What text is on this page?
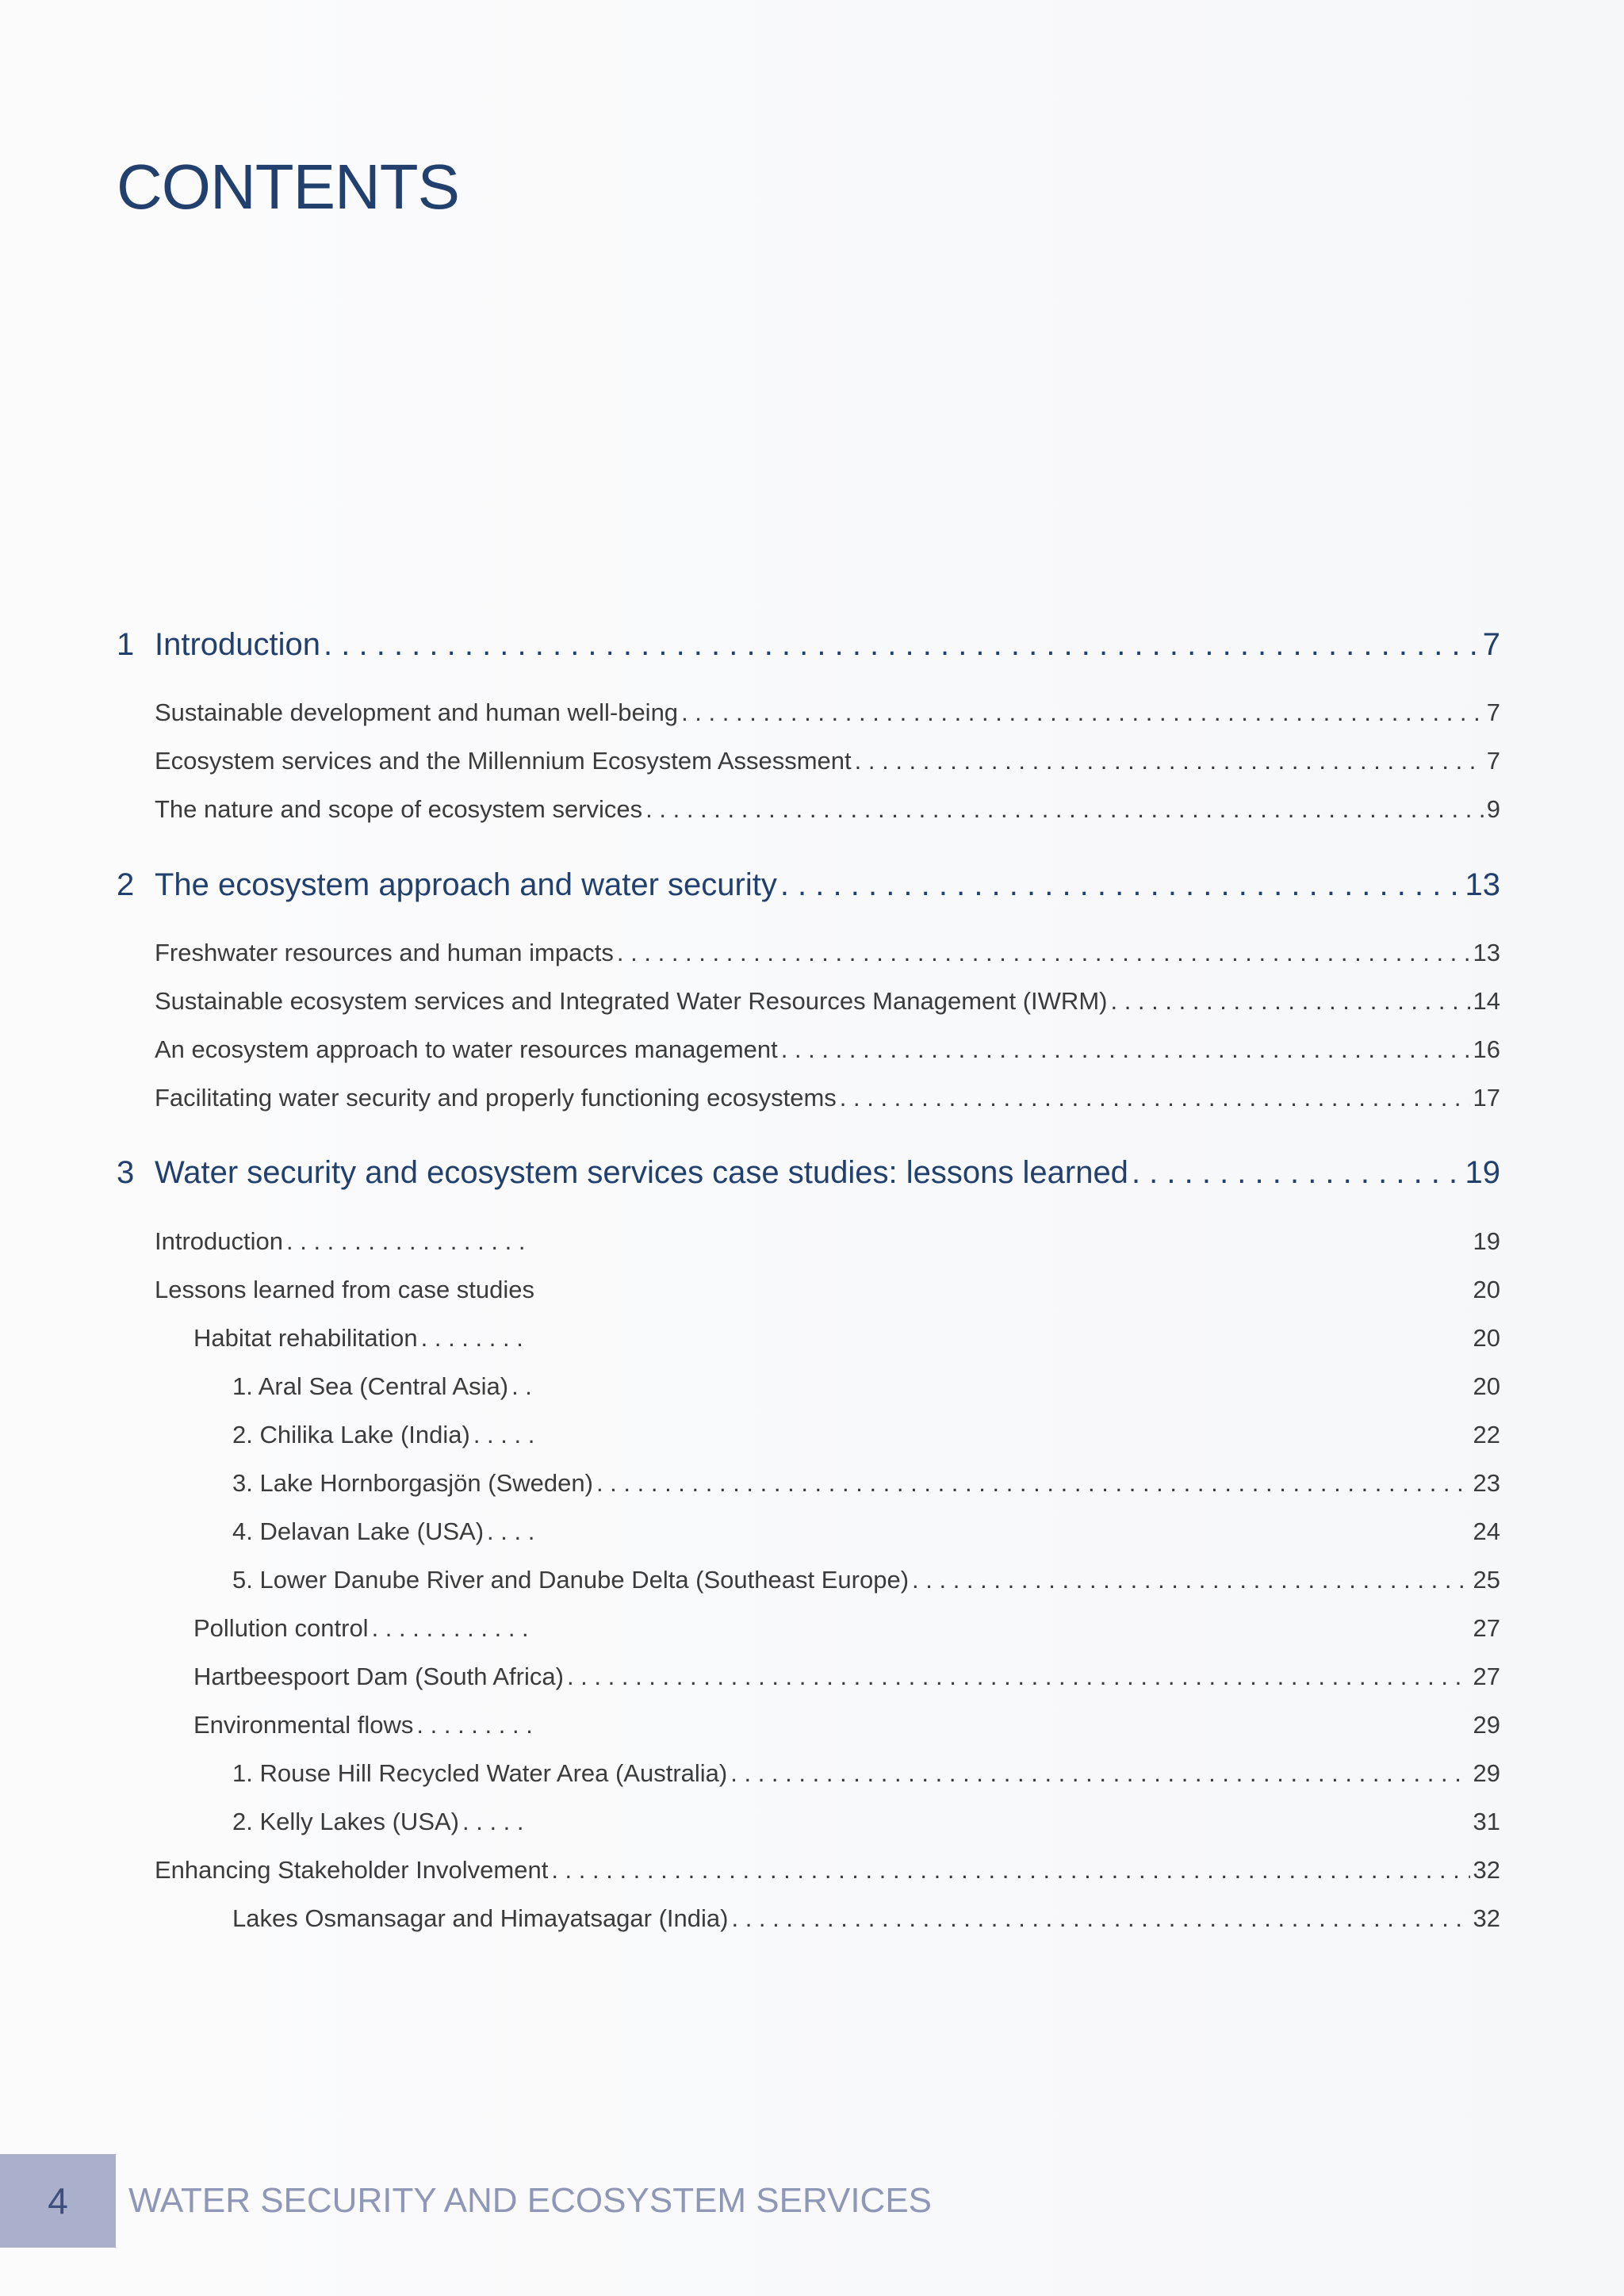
CONTENTS
1 Introduction . . .	7
Sustainable development and human well-being . . .	7
Ecosystem services and the Millennium Ecosystem Assessment . . .	7
The nature and scope of ecosystem services . . .	9
2 The ecosystem approach and water security . . .	13
Freshwater resources and human impacts . . .	13
Sustainable ecosystem services and Integrated Water Resources Management (IWRM) . . .	14
An ecosystem approach to water resources management . . .	16
Facilitating water security and properly functioning ecosystems . . .	17
3 Water security and ecosystem services case studies: lessons learned . . .	19
Introduction . . .	19
Lessons learned from case studies	20
Habitat rehabilitation . . .	20
1. Aral Sea (Central Asia) . . .	20
2. Chilika Lake (India) . . .	22
3. Lake Hornborgasjön (Sweden) . . .	23
4. Delavan Lake (USA) . . .	24
5. Lower Danube River and Danube Delta (Southeast Europe) . . .	25
Pollution control . . .	27
Hartbeespoort Dam (South Africa) . . .	27
Environmental flows . . .	29
1. Rouse Hill Recycled Water Area (Australia) . . .	29
2. Kelly Lakes (USA) . . .	31
Enhancing Stakeholder Involvement . . .	32
Lakes Osmansagar and Himayatsagar (India) . . .	32
4	WATER SECURITY AND ECOSYSTEM SERVICES
